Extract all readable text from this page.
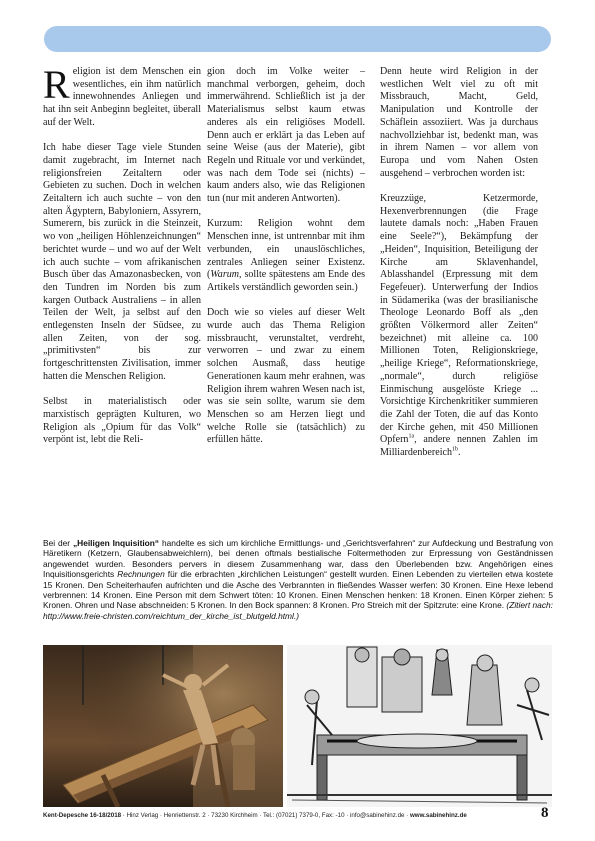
Religion ist dem Menschen ein wesentliches, ein ihm natürlich innewohnendes Anliegen und hat ihn seit Anbeginn begleitet, überall auf der Welt.

Ich habe dieser Tage viele Stunden damit zugebracht, im Internet nach religionsfreien Zeitaltern oder Gebieten zu suchen. Doch in welchen Zeitaltern ich auch suchte – von den alten Ägyptern, Babyloniern, Assyrern, Sumerern, bis zurück in die Steinzeit, wo von „heiligen Höhlenzeichnungen“ berichtet wurde – und wo auf der Welt ich auch suchte – vom afrikanischen Busch über das Amazonasbecken, von den Tundren im Norden bis zum kargen Outback Australiens – in allen Teilen der Welt, ja selbst auf den entlegensten Inseln der Südsee, zu allen Zeiten, von der sog. „primitivsten“ bis zur fortgeschrittensten Zivilisation, immer hatten die Menschen Religion.

Selbst in materialistisch oder marxistisch geprägten Kulturen, wo Religion als „Opium für das Volk“ verpönt ist, lebt die Reli-

gion doch im Volke weiter – manchmal verborgen, geheim, doch immerwährend. Schließlich ist ja der Materialismus selbst kaum etwas anderes als ein religiöses Modell. Denn auch er erklärt ja das Leben auf seine Weise (aus der Materie), gibt Regeln und Rituale vor und verkündet, was nach dem Tode sei (nichts) – kaum anders also, wie das Religionen tun (nur mit anderen Antworten).

Kurzum: Religion wohnt dem Menschen inne, ist untrennbar mit ihm verbunden, ein unauslöschliches, zentrales Anliegen seiner Existenz. (Warum, sollte spätestens am Ende des Artikels verständlich geworden sein.)

Doch wie so vieles auf dieser Welt wurde auch das Thema Religion missbraucht, verunstaltet, verdreht, verworren – und zwar zu einem solchen Ausmaß, dass heutige Generationen kaum mehr erahnen, was Religion ihrem wahren Wesen nach ist, was sie sein sollte, warum sie dem Menschen so am Herzen liegt und welche Rolle sie (tatsächlich) zu erfüllen hätte.

Denn heute wird Religion in der westlichen Welt viel zu oft mit Missbrauch, Macht, Geld, Manipulation und Kontrolle der Schäflein assoziiert. Was ja durchaus nachvollziehbar ist, bedenkt man, was in ihrem Namen – vor allem von Europa und vom Nahen Osten ausgehend – verbrochen worden ist:

Kreuzzüge, Ketzermorde, Hexenverbrennungen (die Frage lautete damals noch: „Haben Frauen eine Seele?“), Bekämpfung der „Heiden“, Inquisition, Beteiligung der Kirche am Sklavenhandel, Ablasshandel (Erpressung mit dem Fegefeuer). Unterwerfung der Indios in Südamerika (was der brasilianische Theologe Leonardo Boff als „den größten Völkermord aller Zeiten“ bezeichnet) mit alleine ca. 100 Millionen Toten, Religionskriege, „heilige Kriege“, Reformationskriege, „normale“, durch religiöse Einmischung ausgelöste Kriege ... Vorsichtige Kirchenkritiker summieren die Zahl der Toten, die auf das Konto der Kirche gehen, mit 450 Millionen Opfern$^{1a}$, andere nennen Zahlen im Milliardenbereich$^{1b}$.

Bei der „Heiligen Inquisition“ handelte es sich um kirchliche Ermittlungs- und „Gerichtsverfahren“ zur Aufdeckung und Bestrafung von Häretikern (Ketzern, Glaubensabweichlern), bei denen oftmals bestialische Foltermethoden zur Erpressung von Geständnissen angewendet wurden. Besonders pervers in diesem Zusammenhang war, dass den Überlebenden bzw. Angehörigen eines Inquisitionsgerichts Rechnungen für die erbrachten „kirchlichen Leistungen“ gestellt wurden. Einen Lebenden zu vierteilen etwa kostete 15 Kronen. Den Scheiterhaufen aufrichten und die Asche des Verbrannten in fließendes Wasser werfen: 30 Kronen. Eine Hexe lebend verbrennen: 14 Kronen. Eine Person mit dem Schwert töten: 10 Kronen. Einen Menschen henken: 18 Kronen. Einen Körper ziehen: 5 Kronen. Ohren und Nase abschneiden: 5 Kronen. In den Bock spannen: 8 Kronen. Pro Streich mit der Spitzrute: eine Krone. (Zitiert nach: http://www.freie-christen.com/reichtum_der_kirche_ist_blutgeld.html.)
Kent-Depesche 16-18/2018 · Hinz Verlag · Henriettenstr. 2 · 73230 Kirchheim · Tel.: (07021) 7379-0, Fax: -10 · info@sabinehinz.de · www.sabinehinz.de	8
